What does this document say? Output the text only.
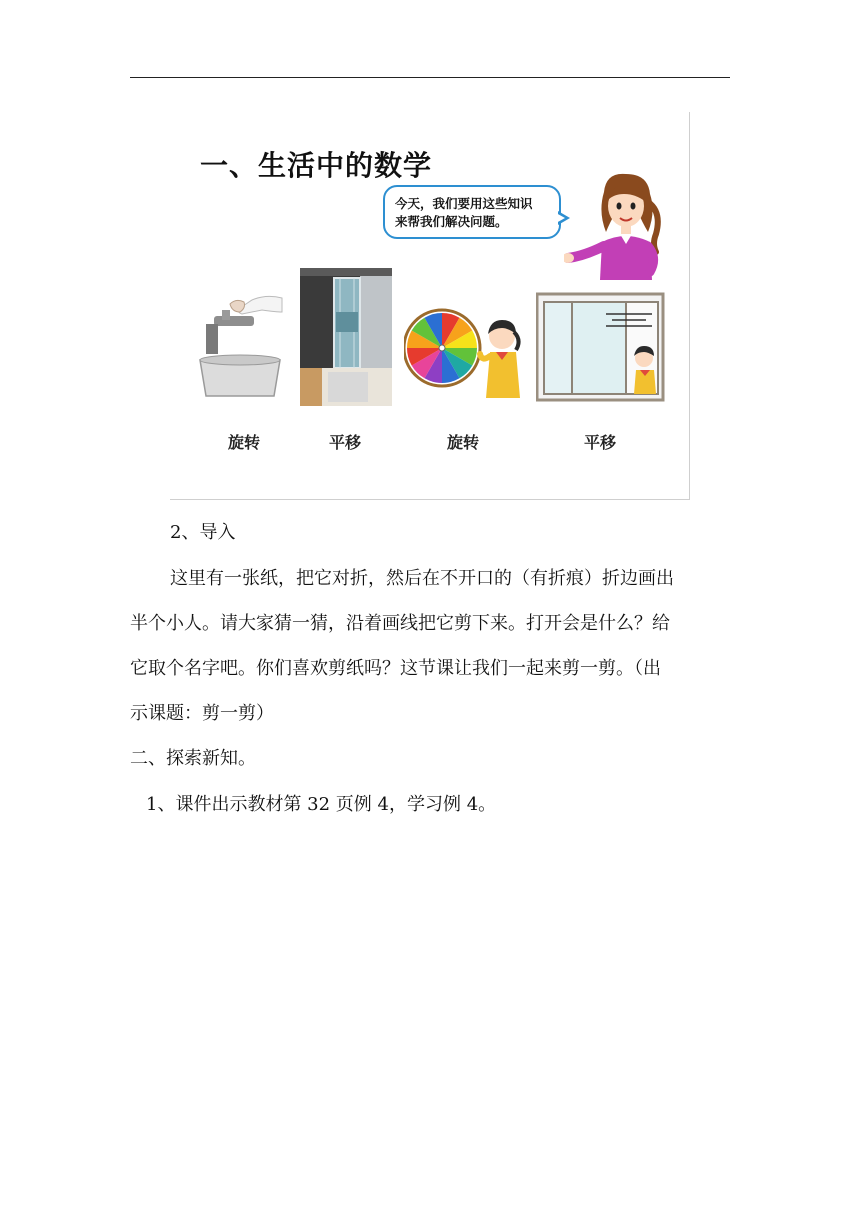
一、生活中的数学
今天，我们要用这些知识
来帮我们解决问题。
旋转	平移	旋转	平移
2、导入
这里有一张纸，把它对折，然后在不开口的（有折痕）折边画出
半个小人。请大家猜一猜，沿着画线把它剪下来。打开会是什么？给
它取个名字吧。你们喜欢剪纸吗？这节课让我们一起来剪一剪。（出
示课题：剪一剪）
二、探索新知。
1、课件出示教材第 32 页例 4，学习例 4。
